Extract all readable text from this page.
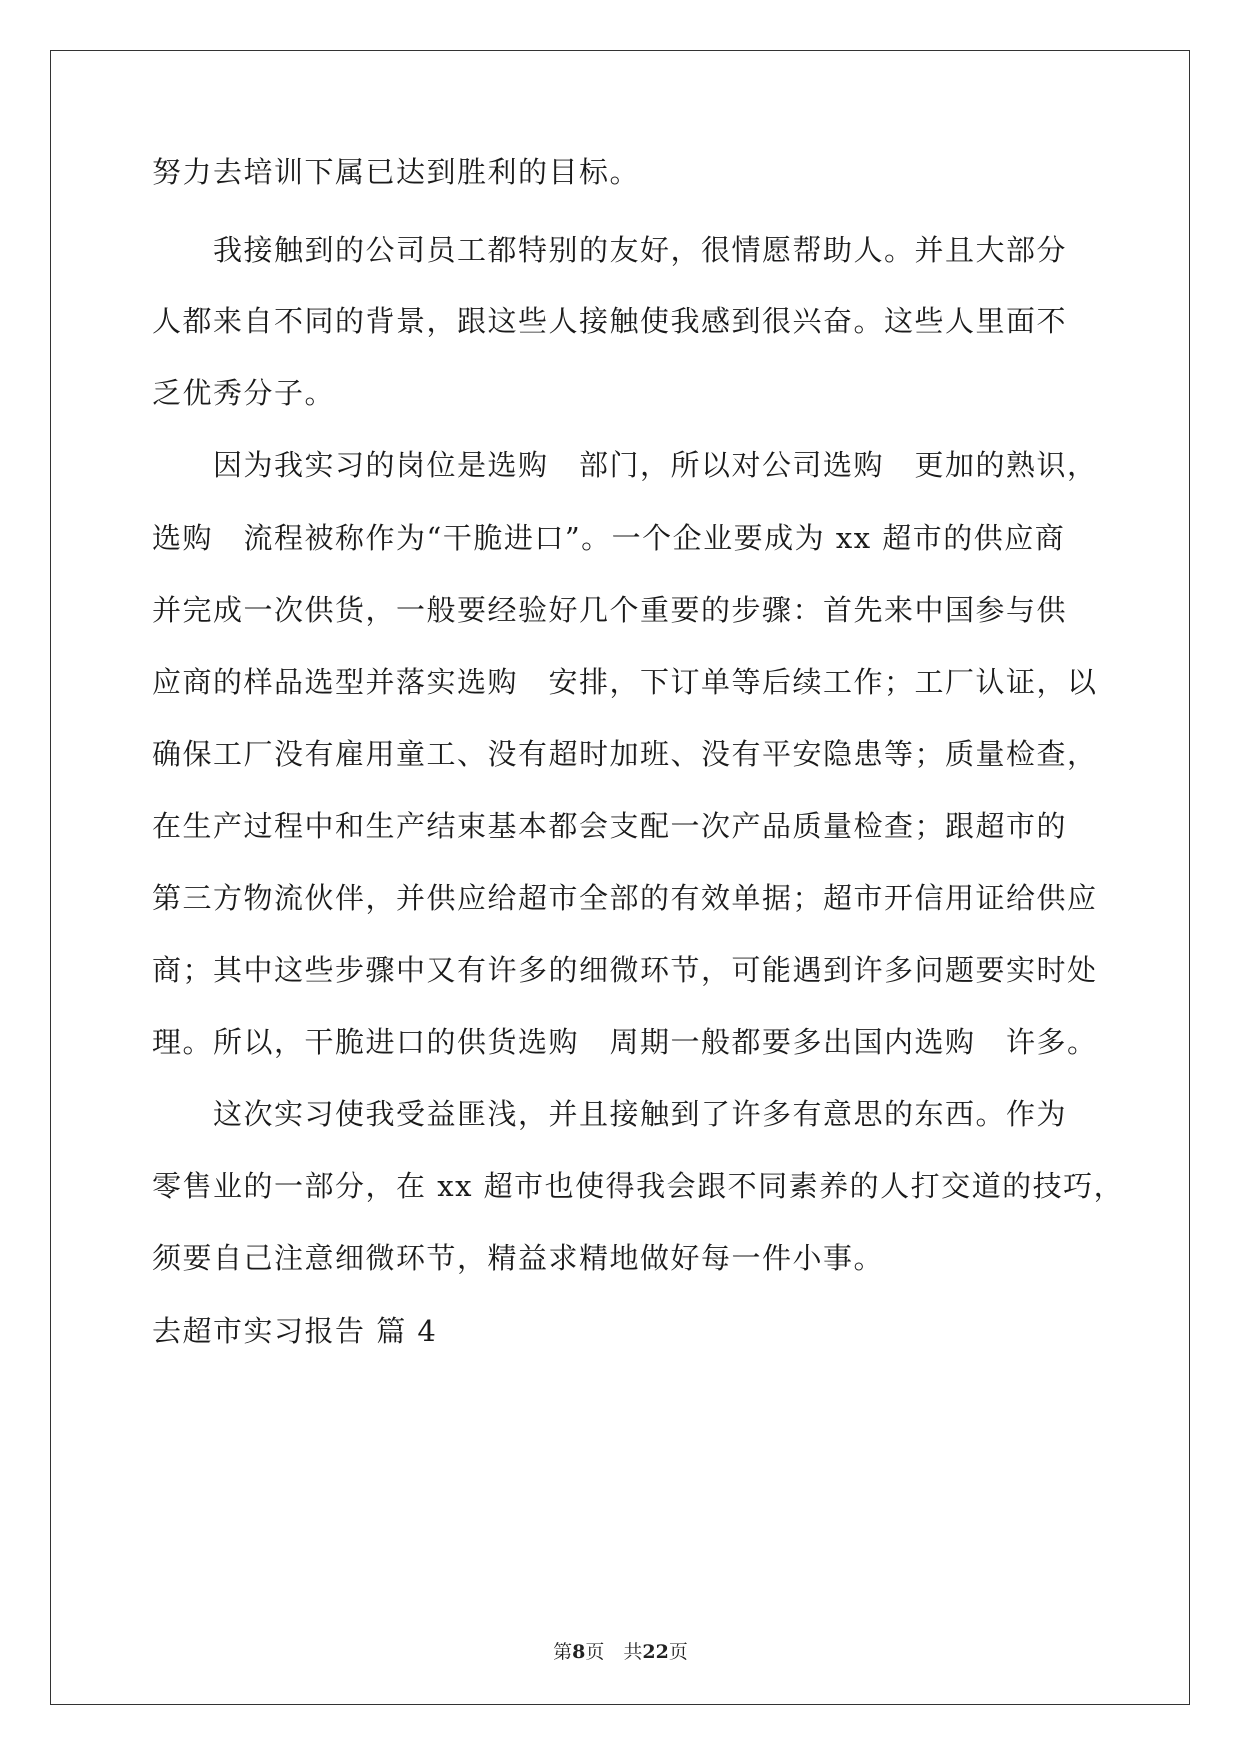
努力去培训下属已达到胜利的目标。
　　我接触到的公司员工都特别的友好，很情愿帮助人。并且大部分
人都来自不同的背景，跟这些人接触使我感到很兴奋。这些人里面不
乏优秀分子。
　　因为我实习的岗位是选购　部门，所以对公司选购　更加的熟识，
选购　流程被称作为“干脆进口”。一个企业要成为 xx 超市的供应商
并完成一次供货，一般要经验好几个重要的步骤：首先来中国参与供
应商的样品选型并落实选购　安排，下订单等后续工作；工厂认证，以
确保工厂没有雇用童工、没有超时加班、没有平安隐患等；质量检查，
在生产过程中和生产结束基本都会支配一次产品质量检查；跟超市的
第三方物流伙伴，并供应给超市全部的有效单据；超市开信用证给供应
商；其中这些步骤中又有许多的细微环节，可能遇到许多问题要实时处
理。所以，干脆进口的供货选购　周期一般都要多出国内选购　许多。
　　这次实习使我受益匪浅，并且接触到了许多有意思的东西。作为
零售业的一部分，在 xx 超市也使得我会跟不同素养的人打交道的技巧，
须要自己注意细微环节，精益求精地做好每一件小事。
去超市实习报告 篇 4
第8页　共22页
